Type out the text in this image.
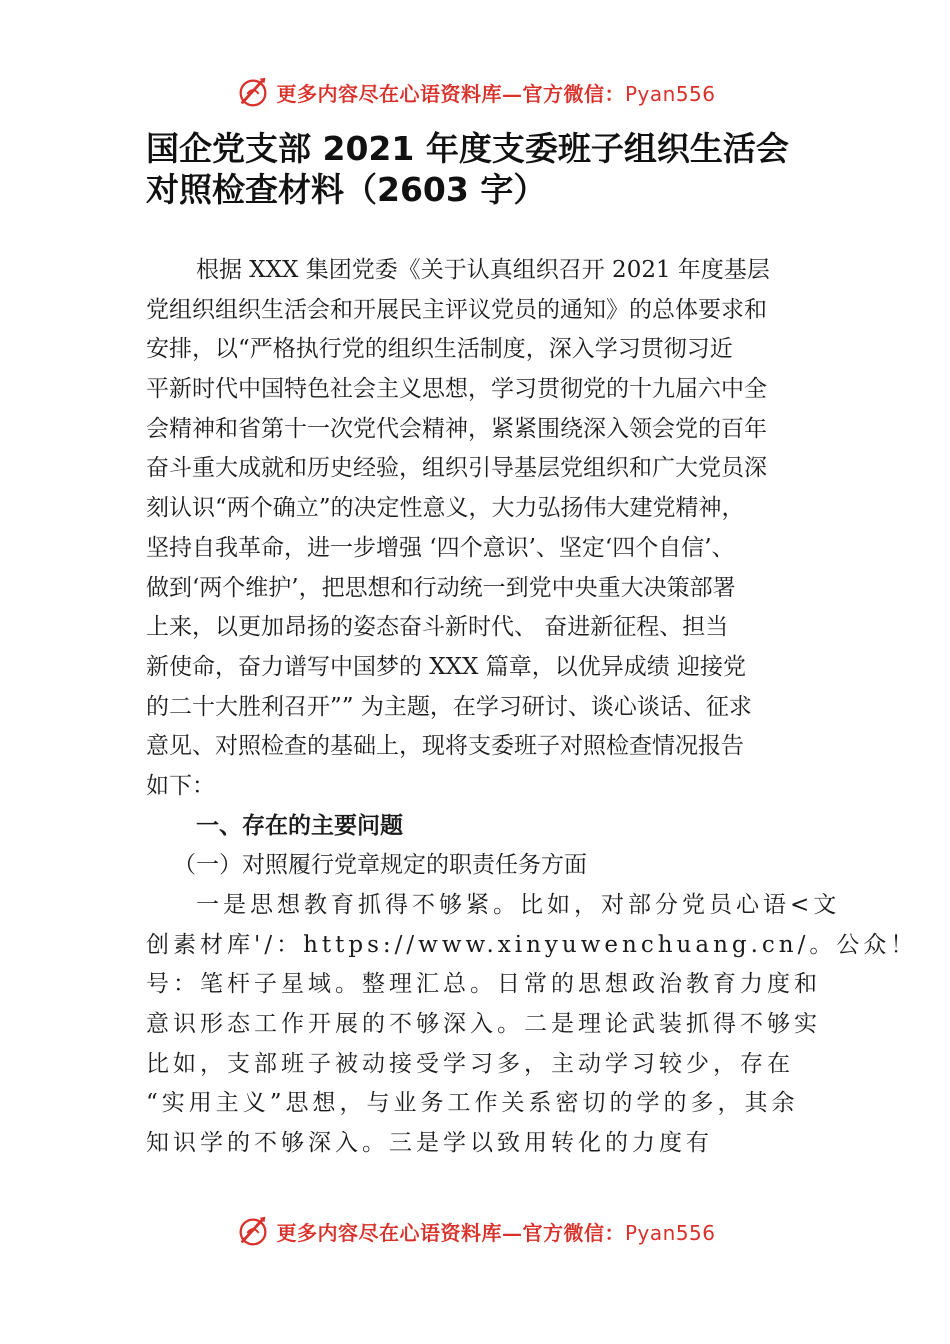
更多内容尽在心语资料库—官方微信：Pyan556
国企党支部 2021 年度支委班子组织生活会
对照检查材料（2603 字）
根据 XXX 集团党委《关于认真组织召开 2021 年度基层
党组织组织生活会和开展民主评议党员的通知》的总体要求和
安排，以“严格执行党的组织生活制度，深入学习贯彻习近
平新时代中国特色社会主义思想，学习贯彻党的十九届六中全
会精神和省第十一次党代会精神，紧紧围绕深入领会党的百年
奋斗重大成就和历史经验，组织引导基层党组织和广大党员深
刻认识“两个确立”的决定性意义，大力弘扬伟大建党精神，
坚持自我革命，进一步增强 ‘四个意识’、坚定‘四个自信’、
做到‘两个维护’，把思想和行动统一到党中央重大决策部署
上来，以更加昂扬的姿态奋斗新时代、 奋进新征程、担当
新使命，奋力谱写中国梦的 XXX 篇章，以优异成绩 迎接党
的二十大胜利召开”” 为主题，在学习研讨、谈心谈话、征求
意见、对照检查的基础上，现将支委班子对照检查情况报告
如下：
一、存在的主要问题
（一）对照履行党章规定的职责任务方面
一是思想教育抓得不够紧。比如，对部分党员心语<文
创素材库'/：https://www.xinyuwenchuang.cn/。公众！
号：笔杆子星域。整理汇总。日常的思想政治教育力度和
意识形态工作开展的不够深入。二是理论武装抓得不够实
比如，支部班子被动接受学习多，主动学习较少，存在
“实用主义”思想，与业务工作关系密切的学的多，其余
知识学的不够深入。三是学以致用转化的力度有
更多内容尽在心语资料库—官方微信：Pyan556
